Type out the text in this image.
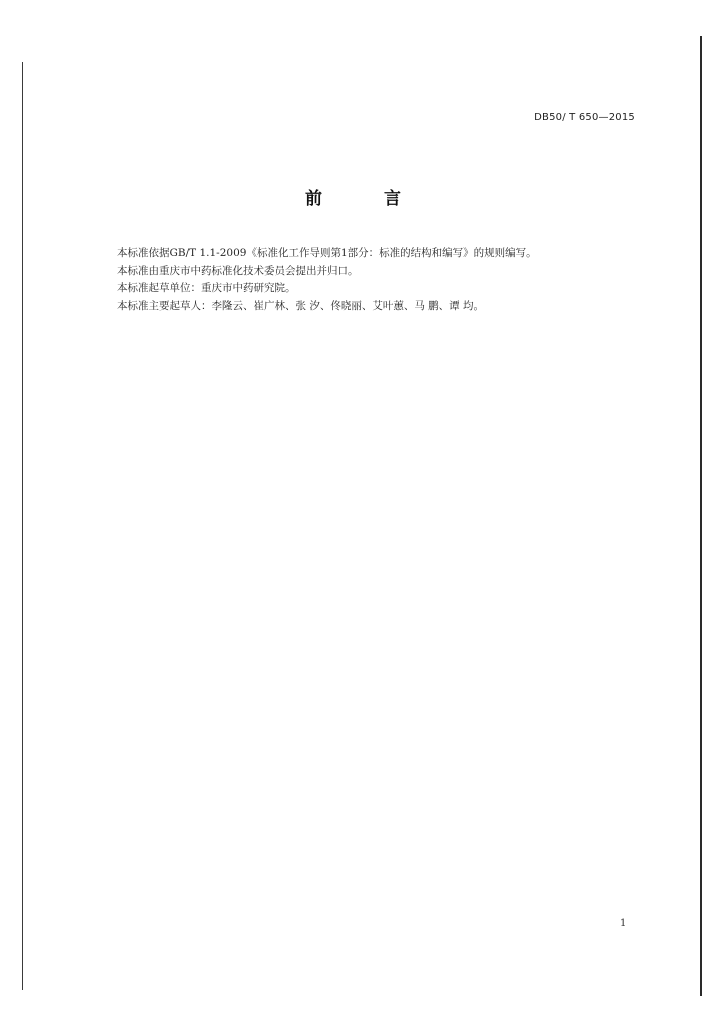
DB50/ T 650—2015
前 言
本标准依据GB/T 1.1-2009《标准化工作导则第1部分：标准的结构和编写》的规则编写。
本标准由重庆市中药标准化技术委员会提出并归口。
本标准起草单位：重庆市中药研究院。
本标准主要起草人：李隆云、崔广林、张 汐、佟晓丽、艾叶蕙、马 鹏、谭 均。
1
